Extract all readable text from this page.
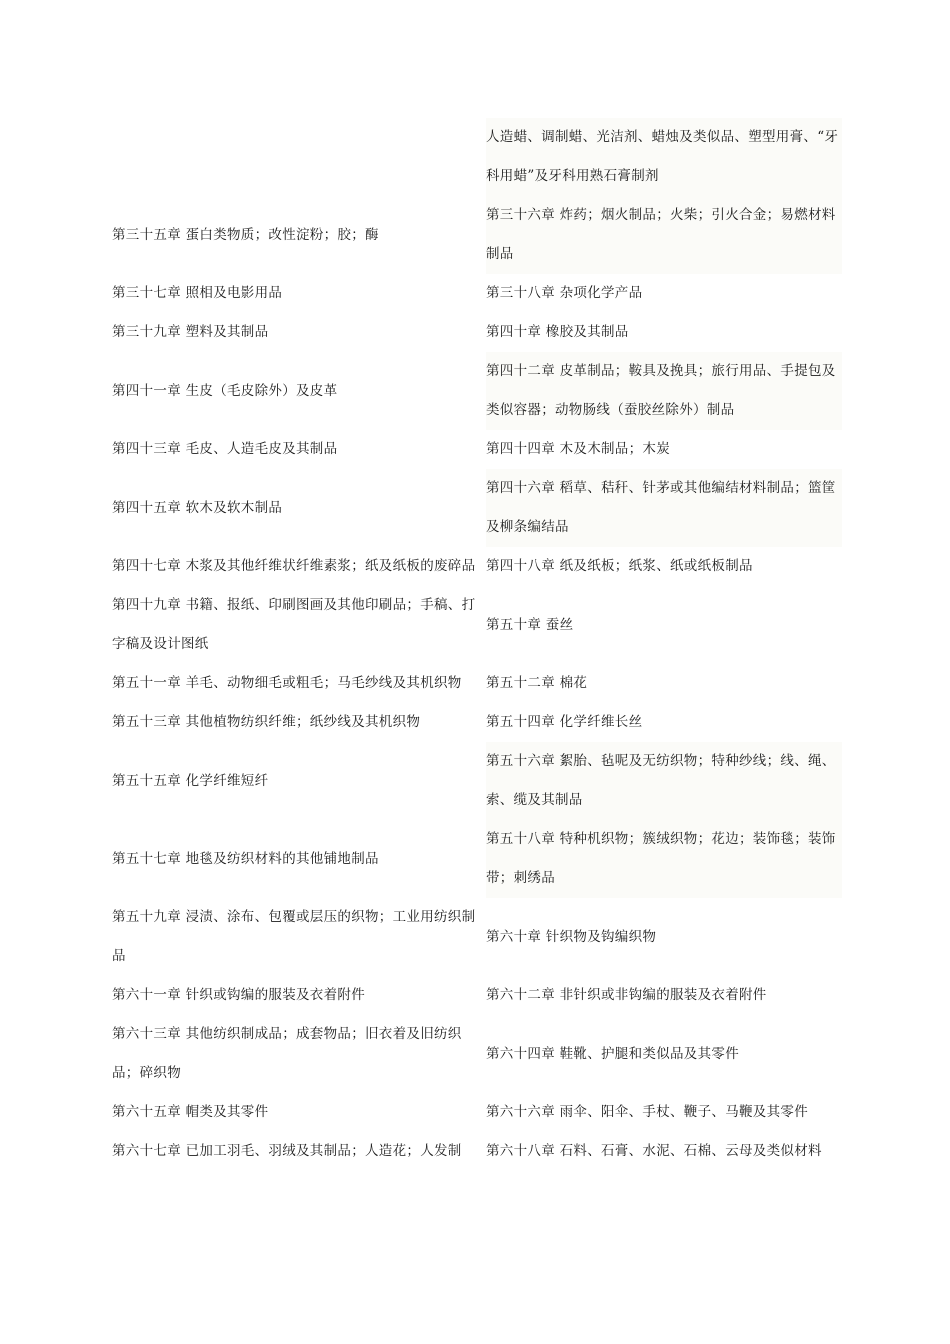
	人造蜡、调制蜡、光洁剂、蜡烛及类似品、塑型用膏、“牙科用蜡”及牙科用熟石膏制剂
第三十五章 蛋白类物质；改性淀粉；胶；酶	第三十六章 炸药；烟火制品；火柴；引火合金；易燃材料制品
第三十七章 照相及电影用品	第三十八章 杂项化学产品
第三十九章 塑料及其制品	第四十章 橡胶及其制品
第四十一章 生皮（毛皮除外）及皮革	第四十二章 皮革制品；鞍具及挽具；旅行用品、手提包及类似容器；动物肠线（蚕胶丝除外）制品
第四十三章 毛皮、人造毛皮及其制品	第四十四章 木及木制品；木炭
第四十五章 软木及软木制品	第四十六章 稻草、秸秆、针茅或其他编结材料制品；篮筐及柳条编结品
第四十七章 木浆及其他纤维状纤维素浆；纸及纸板的废碎品	第四十八章 纸及纸板；纸浆、纸或纸板制品
第四十九章 书籍、报纸、印刷图画及其他印刷品；手稿、打字稿及设计图纸	第五十章 蚕丝
第五十一章 羊毛、动物细毛或粗毛；马毛纱线及其机织物	第五十二章 棉花
第五十三章 其他植物纺织纤维；纸纱线及其机织物	第五十四章 化学纤维长丝
第五十五章 化学纤维短纤	第五十六章 絮胎、毡呢及无纺织物；特种纱线；线、绳、索、缆及其制品
第五十七章 地毯及纺织材料的其他铺地制品	第五十八章 特种机织物；簇绒织物；花边；装饰毯；装饰带；刺绣品
第五十九章 浸渍、涂布、包覆或层压的织物；工业用纺织制品	第六十章 针织物及钩编织物
第六十一章 针织或钩编的服装及衣着附件	第六十二章 非针织或非钩编的服装及衣着附件
第六十三章 其他纺织制成品；成套物品；旧衣着及旧纺织品；碎织物	第六十四章 鞋靴、护腿和类似品及其零件
第六十五章 帽类及其零件	第六十六章 雨伞、阳伞、手杖、鞭子、马鞭及其零件
第六十七章 已加工羽毛、羽绒及其制品；人造花；人发制	第六十八章 石料、石膏、水泥、石棉、云母及类似材料
